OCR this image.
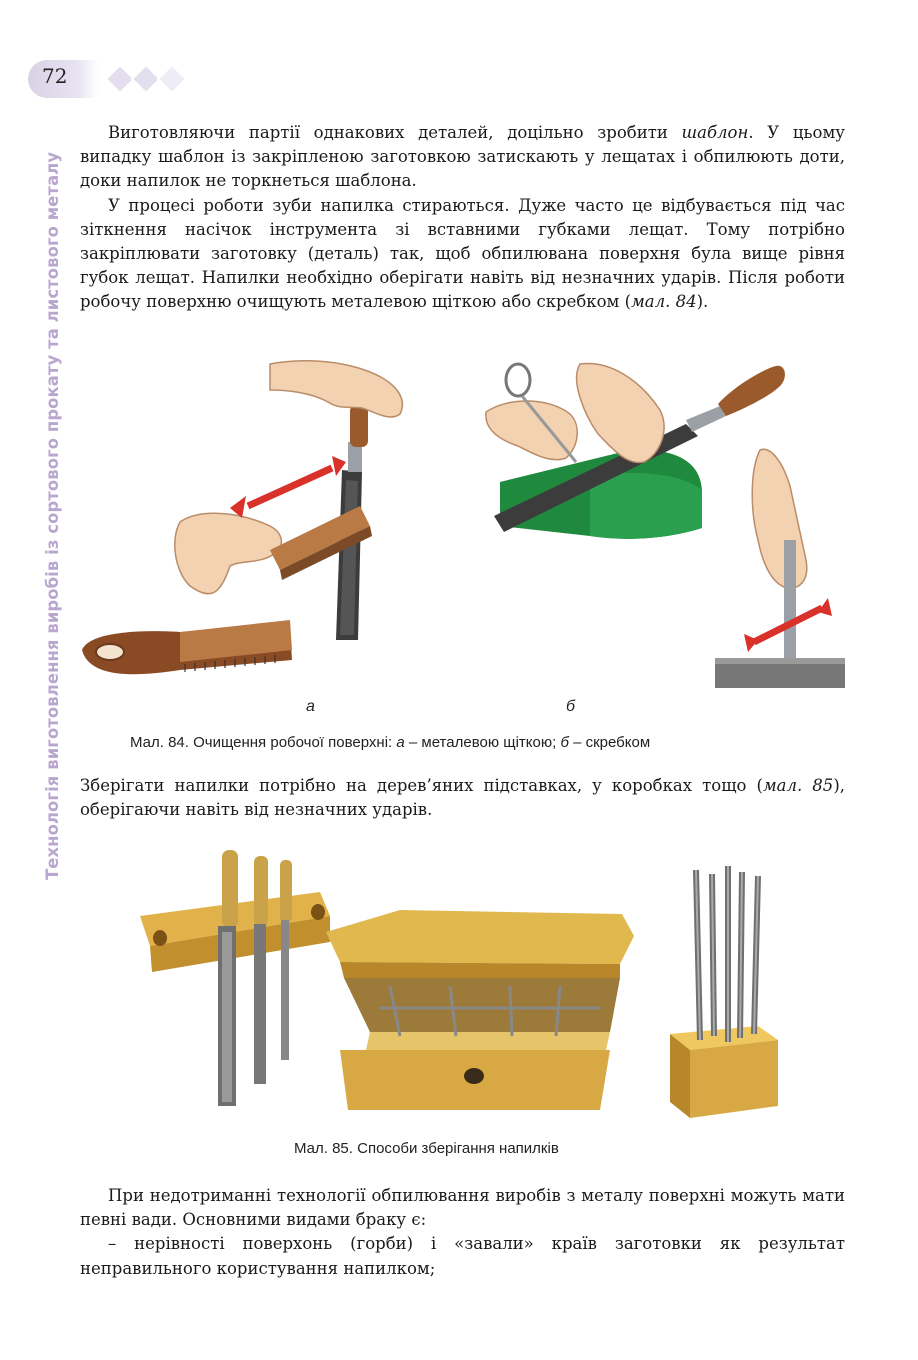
72
Технологія виготовлення виробів із сортового прокату та листового металу

Виготовляючи партії однакових деталей, доцільно зробити шаблон. У цьому випадку шаблон із закріпленою заготовкою затискають у лещатах і обпилюють доти, доки напилок не торкнеться шаблона.

У процесі роботи зуби напилка стираються. Дуже часто це відбувається під час зіткнення насічок інструмента зі вставними губками лещат. Тому потрібно закріплювати заготовку (деталь) так, щоб обпилювана поверхня була вище рівня губок лещат. Напилки необхідно оберігати навіть від незначних ударів. Після роботи робочу поверхню очищують металевою щіткою або скребком (мал. 84).

а	б
Мал. 84. Очищення робочої поверхні: а – металевою щіткою; б – скребком

Зберігати напилки потрібно на дерев’яних підставках, у коробках тощо (мал. 85), оберігаючи навіть від незначних ударів.

Мал. 85. Способи зберігання напилків

При недотриманні технології обпилювання виробів з металу поверхні можуть мати певні вади. Основними видами браку є:

– нерівності поверхонь (горби) і «завали» країв заготовки як результат неправильного користування напилком;
